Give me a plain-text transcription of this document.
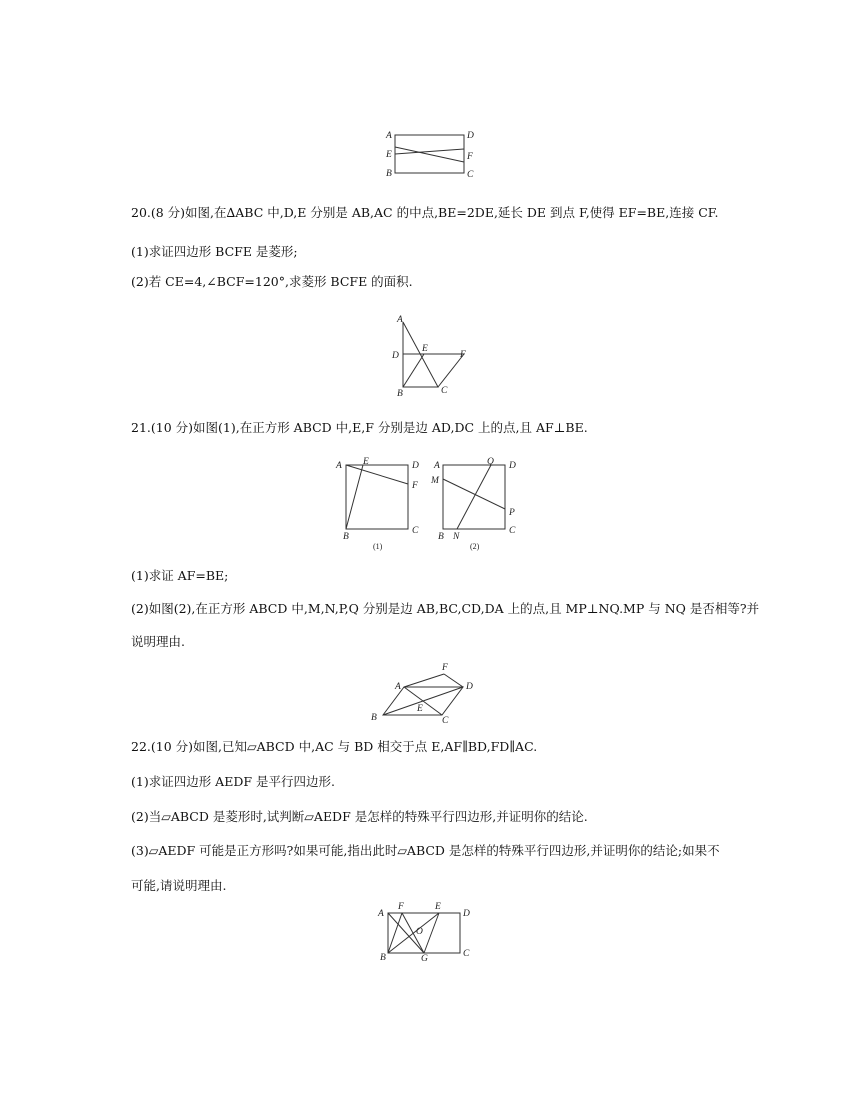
A	D
E	F
B	C
20.(8 分)如图,在∆ABC 中,D,E 分别是 AB,AC 的中点,BE=2DE,延长 DE 到点 F,使得 EF=BE,连接 CF.
(1)求证四边形 BCFE 是菱形;
(2)若 CE=4,∠BCF=120°,求菱形 BCFE 的面积.
A
D
E
F
B	C
21.(10 分)如图(1),在正方形 ABCD 中,E,F 分别是边 AD,DC 上的点,且 AF⊥BE.
A E	D
F
B
C
(1)
A	Q D
M
P
B N
C
(2)
(1)求证 AF=BE;
(2)如图(2),在正方形 ABCD 中,M,N,P,Q 分别是边 AB,BC,CD,DA 上的点,且 MP⊥NQ.MP 与 NQ 是否相等?并
说明理由.
F
A	D
E
B	C
22.(10 分)如图,已知▱ABCD 中,AC 与 BD 相交于点 E,AF∥BD,FD∥AC.
(1)求证四边形 AEDF 是平行四边形.
(2)当▱ABCD 是菱形时,试判断▱AEDF 是怎样的特殊平行四边形,并证明你的结论.
(3)▱AEDF 可能是正方形吗?如果可能,指出此时▱ABCD 是怎样的特殊平行四边形,并证明你的结论;如果不
可能,请说明理由.
A
F	E
D
O
B	G	C
